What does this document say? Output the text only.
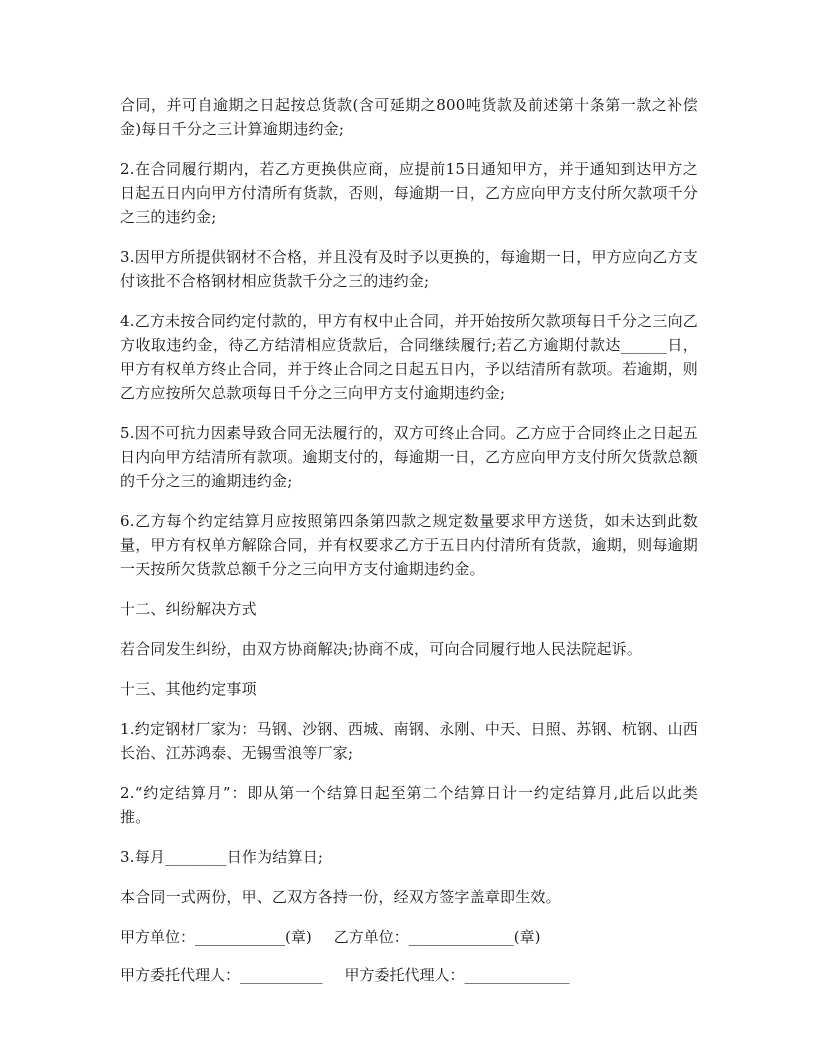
合同，并可自逾期之日起按总货款(含可延期之800吨货款及前述第十条第一款之补偿金)每日千分之三计算逾期违约金;

2.在合同履行期内，若乙方更换供应商，应提前15日通知甲方，并于通知到达甲方之日起五日内向甲方付清所有货款，否则，每逾期一日，乙方应向甲方支付所欠款项千分之三的违约金;

3.因甲方所提供钢材不合格，并且没有及时予以更换的，每逾期一日，甲方应向乙方支付该批不合格钢材相应货款千分之三的违约金;

4.乙方未按合同约定付款的，甲方有权中止合同，并开始按所欠款项每日千分之三向乙方收取违约金，待乙方结清相应货款后，合同继续履行;若乙方逾期付款达______日，甲方有权单方终止合同，并于终止合同之日起五日内，予以结清所有款项。若逾期，则乙方应按所欠总款项每日千分之三向甲方支付逾期违约金;

5.因不可抗力因素导致合同无法履行的，双方可终止合同。乙方应于合同终止之日起五日内向甲方结清所有款项。逾期支付的，每逾期一日，乙方应向甲方支付所欠货款总额的千分之三的逾期违约金;

6.乙方每个约定结算月应按照第四条第四款之规定数量要求甲方送货，如未达到此数量，甲方有权单方解除合同，并有权要求乙方于五日内付清所有货款，逾期，则每逾期一天按所欠货款总额千分之三向甲方支付逾期违约金。

十二、纠纷解决方式

若合同发生纠纷，由双方协商解决;协商不成，可向合同履行地人民法院起诉。

十三、其他约定事项

1.约定钢材厂家为：马钢、沙钢、西城、南钢、永刚、中天、日照、苏钢、杭钢、山西长治、江苏鸿泰、无锡雪浪等厂家;

2.“约定结算月”：即从第一个结算日起至第二个结算日计一约定结算月,此后以此类推。

3.每月________日作为结算日;

本合同一式两份，甲、乙双方各持一份，经双方签字盖章即生效。

甲方单位：____________(章) 乙方单位：______________(章)
甲方委托代理人：___________ 甲方委托代理人：______________
